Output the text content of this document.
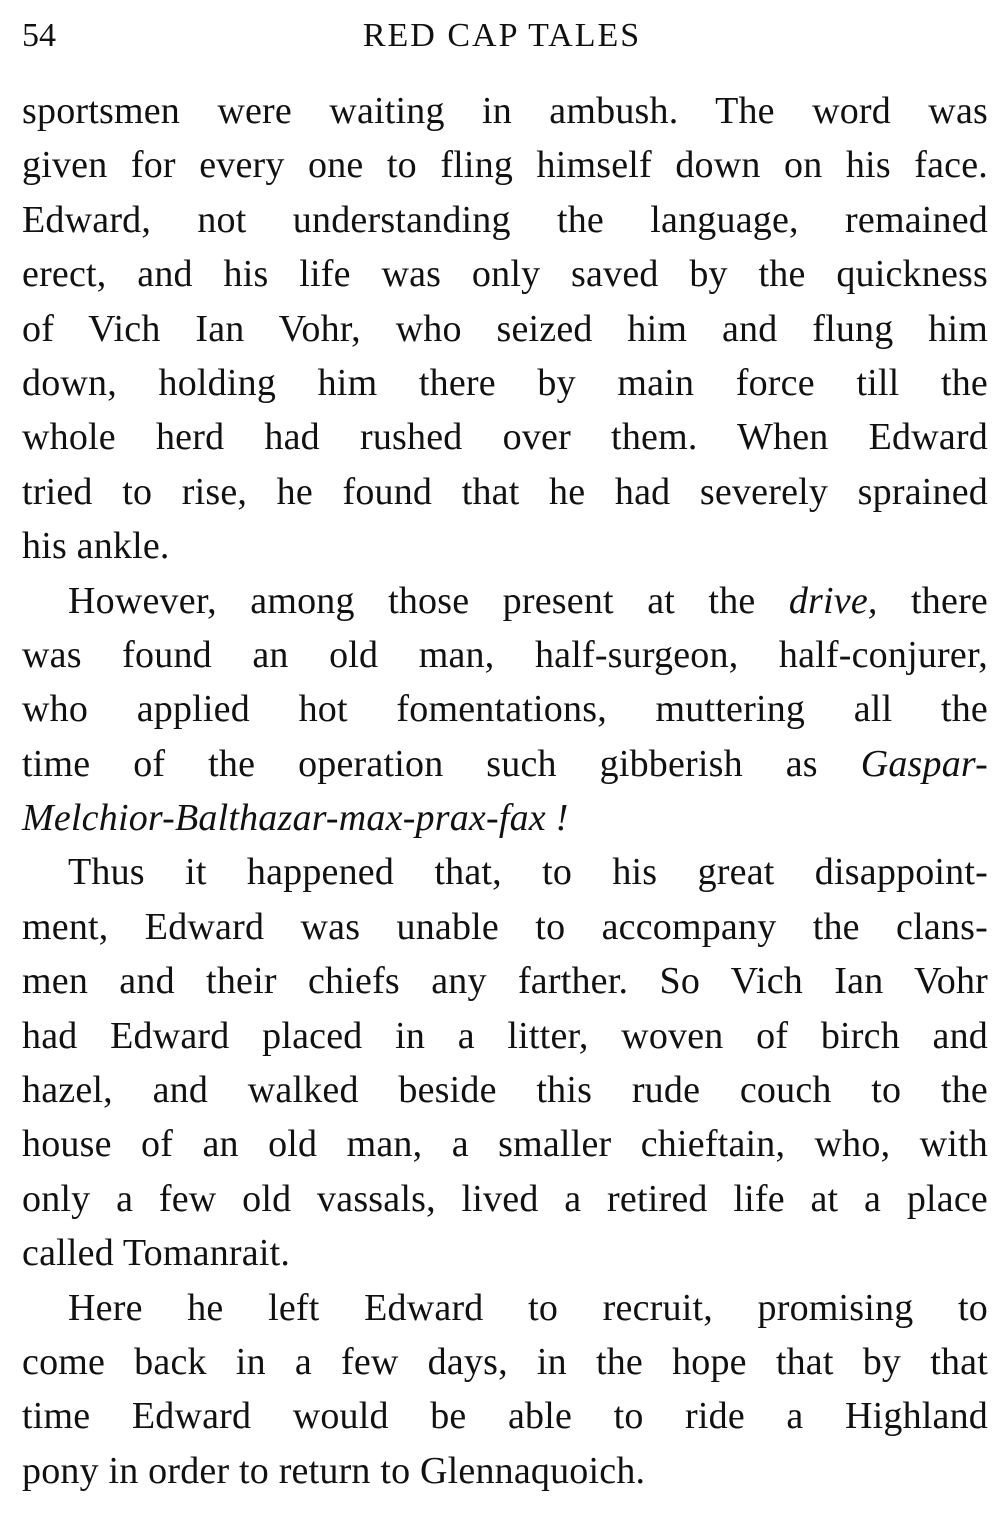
54	RED CAP TALES
sportsmen were waiting in ambush. The word was
given for every one to fling himself down on his face.
Edward, not understanding the language, remained
erect, and his life was only saved by the quickness
of Vich Ian Vohr, who seized him and flung him
down, holding him there by main force till the
whole herd had rushed over them. When Edward
tried to rise, he found that he had severely sprained
his ankle.
However, among those present at the drive, there
was found an old man, half-surgeon, half-conjurer,
who applied hot fomentations, muttering all the
time of the operation such gibberish as Gaspar-
Melchior-Balthazar-max-prax-fax !
Thus it happened that, to his great disappoint-
ment, Edward was unable to accompany the clans-
men and their chiefs any farther. So Vich Ian Vohr
had Edward placed in a litter, woven of birch and
hazel, and walked beside this rude couch to the
house of an old man, a smaller chieftain, who, with
only a few old vassals, lived a retired life at a place
called Tomanrait.
Here he left Edward to recruit, promising to
come back in a few days, in the hope that by that
time Edward would be able to ride a Highland
pony in order to return to Glennaquoich.
